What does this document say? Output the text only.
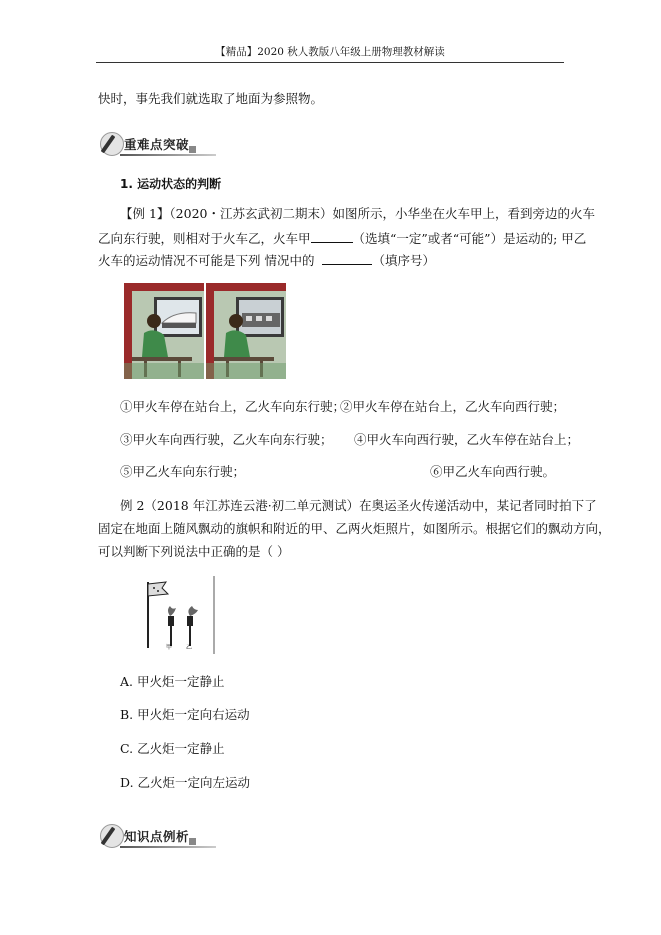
【精品】2020 秋人教版八年级上册物理教材解读
快时，事先我们就选取了地面为参照物。
重难点突破
1. 运动状态的判断
【例 1】（2020・江苏玄武初二期末）如图所示，小华坐在火车甲上，看到旁边的火车
乙向东行驶，则相对于火车乙，火车甲	（选填“一定”或者“可能”）是运动的; 甲乙
火车的运动情况不可能是下列 情况中的	（填序号）
①甲火车停在站台上，乙火车向东行驶；
②甲火车停在站台上，乙火车向西行驶；
③甲火车向西行驶，乙火车向东行驶； ④甲火车向西行驶，乙火车停在站台上；
⑤甲乙火车向东行驶；	⑥甲乙火车向西行驶。
例 2（2018 年江苏连云港·初二单元测试）在奥运圣火传递活动中，某记者同时拍下了
固定在地面上随风飘动的旗帜和附近的甲、乙两火炬照片，如图所示。根据它们的飘动方向，
可以判断下列说法中正确的是（ ）
甲 乙
A. 甲火炬一定静止
B. 甲火炬一定向右运动
C. 乙火炬一定静止
D. 乙火炬一定向左运动
知识点例析
